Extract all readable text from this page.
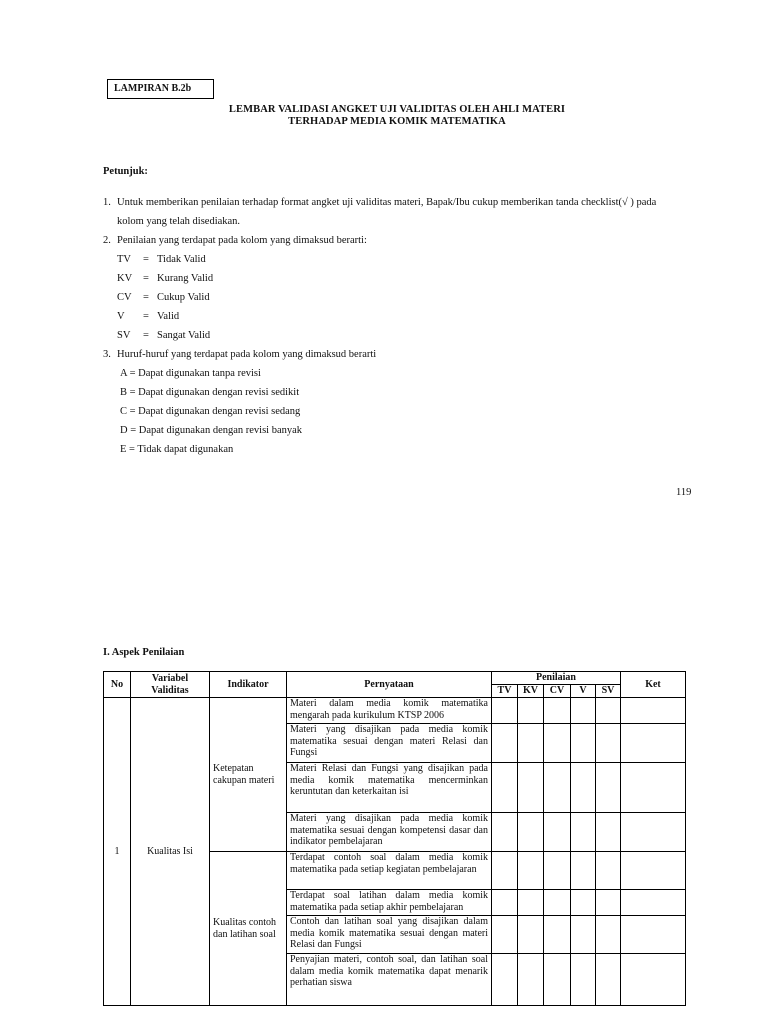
LAMPIRAN B.2b
LEMBAR VALIDASI ANGKET UJI VALIDITAS OLEH AHLI MATERI
TERHADAP MEDIA KOMIK MATEMATIKA
Petunjuk:
1. Untuk memberikan penilaian terhadap format angket uji validitas materi, Bapak/Ibu cukup memberikan tanda checklist(√ ) pada
kolom yang telah disediakan.
2. Penilaian yang terdapat pada kolom yang dimaksud berarti:
TV = Tidak Valid
KV = Kurang Valid
CV = Cukup Valid
V = Valid
SV = Sangat Valid
3. Huruf-huruf yang terdapat pada kolom yang dimaksud berarti
A = Dapat digunakan tanpa revisi
B = Dapat digunakan dengan revisi sedikit
C = Dapat digunakan dengan revisi sedang
D = Dapat digunakan dengan revisi banyak
E = Tidak dapat digunakan
119
I. Aspek Penilaian
No	Variabel Validitas	Indikator	Pernyataan	Penilaian					Ket
				TV	KV	CV	V	SV	
1	Kualitas Isi	Ketepatan cakupan materi	Materi dalam media komik matematika mengarah pada kurikulum KTSP 2006						
			Materi yang disajikan pada media komik matematika sesuai dengan materi Relasi dan Fungsi						
			Materi Relasi dan Fungsi yang disajikan pada media komik matematika mencerminkan keruntutan dan keterkaitan isi						
			Materi yang disajikan pada media komik matematika sesuai dengan kompetensi dasar dan indikator pembelajaran						
		Kualitas contoh dan latihan soal	Terdapat contoh soal dalam media komik matematika pada setiap kegiatan pembelajaran						
			Terdapat soal latihan dalam media komik matematika pada setiap akhir pembelajaran						
			Contoh dan latihan soal yang disajikan dalam media komik matematika sesuai dengan materi Relasi dan Fungsi						
			Penyajian materi, contoh soal, dan latihan soal dalam media komik matematika dapat menarik perhatian siswa						
